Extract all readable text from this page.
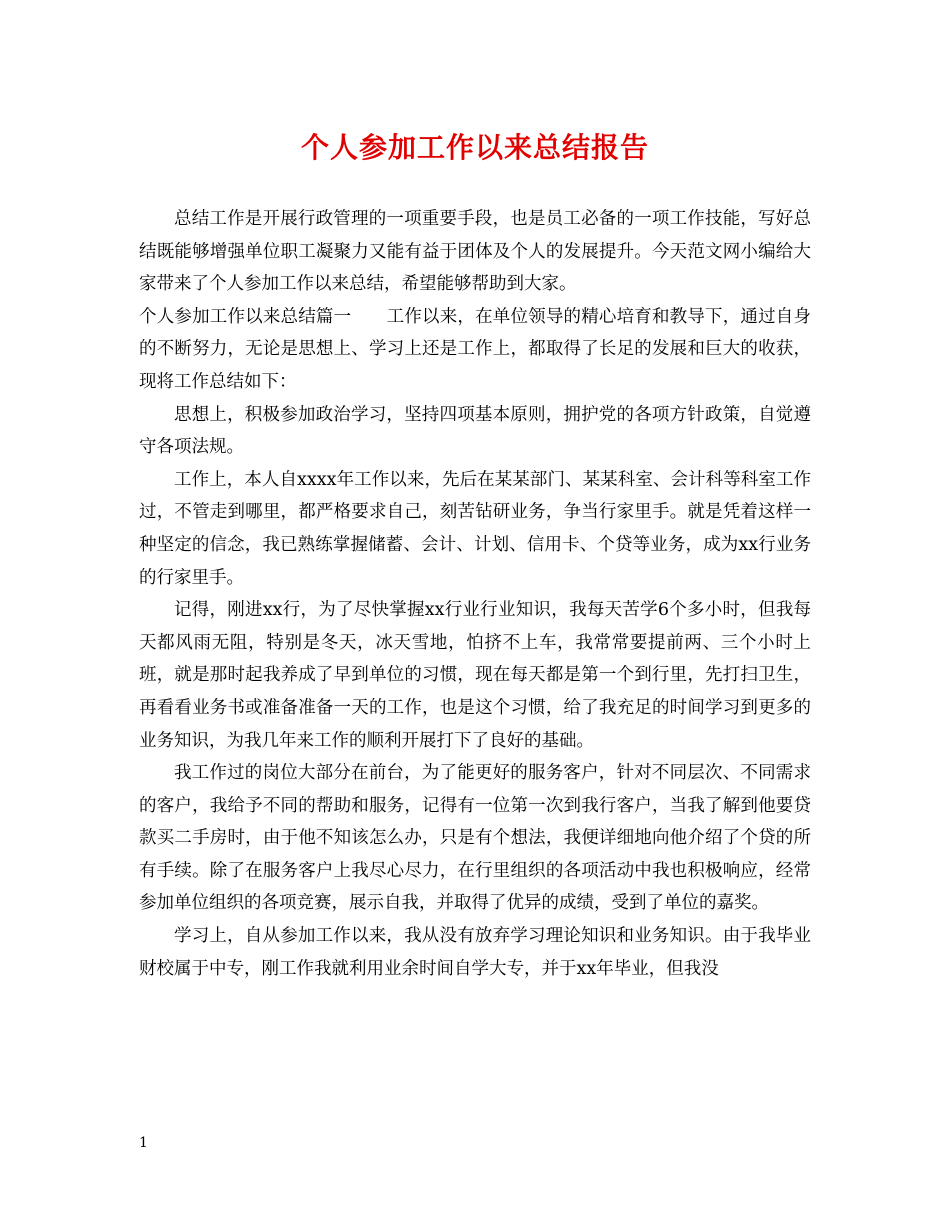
个人参加工作以来总结报告

总结工作是开展行政管理的一项重要手段，也是员工必备的一项工作技能，写好总结既能够增强单位职工凝聚力又能有益于团体及个人的发展提升。今天范文网小编给大家带来了个人参加工作以来总结，希望能够帮助到大家。

个人参加工作以来总结篇一　　工作以来，在单位领导的精心培育和教导下，通过自身的不断努力，无论是思想上、学习上还是工作上，都取得了长足的发展和巨大的收获，现将工作总结如下：

思想上，积极参加政治学习，坚持四项基本原则，拥护党的各项方针政策，自觉遵守各项法规。

工作上，本人自xxxx年工作以来，先后在某某部门、某某科室、会计科等科室工作过，不管走到哪里，都严格要求自己，刻苦钻研业务，争当行家里手。就是凭着这样一种坚定的信念，我已熟练掌握储蓄、会计、计划、信用卡、个贷等业务，成为xx行业务的行家里手。

记得，刚进xx行，为了尽快掌握xx行业行业知识，我每天苦学6个多小时，但我每天都风雨无阻，特别是冬天，冰天雪地，怕挤不上车，我常常要提前两、三个小时上班，就是那时起我养成了早到单位的习惯，现在每天都是第一个到行里，先打扫卫生，再看看业务书或准备准备一天的工作，也是这个习惯，给了我充足的时间学习到更多的业务知识，为我几年来工作的顺利开展打下了良好的基础。

我工作过的岗位大部分在前台，为了能更好的服务客户，针对不同层次、不同需求的客户，我给予不同的帮助和服务，记得有一位第一次到我行客户，当我了解到他要贷款买二手房时，由于他不知该怎么办，只是有个想法，我便详细地向他介绍了个贷的所有手续。除了在服务客户上我尽心尽力，在行里组织的各项活动中我也积极响应，经常参加单位组织的各项竞赛，展示自我，并取得了优异的成绩，受到了单位的嘉奖。

学习上，自从参加工作以来，我从没有放弃学习理论知识和业务知识。由于我毕业财校属于中专，刚工作我就利用业余时间自学大专，并于xx年毕业，但我没

1
